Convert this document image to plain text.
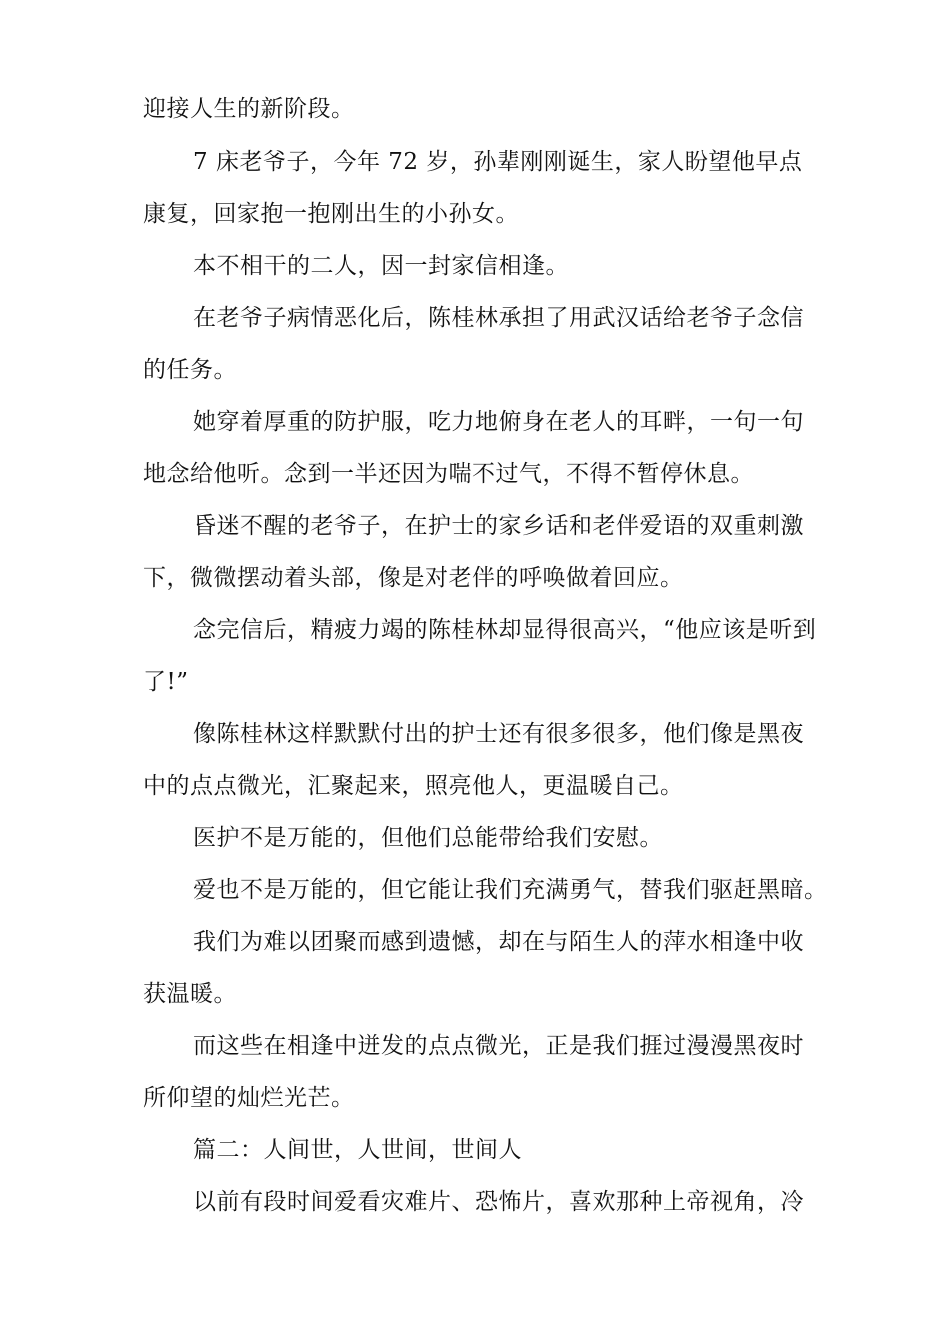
迎接人生的新阶段。
7 床老爷子，今年 72 岁，孙辈刚刚诞生，家人盼望他早点
康复，回家抱一抱刚出生的小孙女。
本不相干的二人，因一封家信相逢。
在老爷子病情恶化后，陈桂林承担了用武汉话给老爷子念信
的任务。
她穿着厚重的防护服，吃力地俯身在老人的耳畔，一句一句
地念给他听。念到一半还因为喘不过气，不得不暂停休息。
昏迷不醒的老爷子，在护士的家乡话和老伴爱语的双重刺激
下，微微摆动着头部，像是对老伴的呼唤做着回应。
念完信后，精疲力竭的陈桂林却显得很高兴，“他应该是听到
了!”
像陈桂林这样默默付出的护士还有很多很多，他们像是黑夜
中的点点微光，汇聚起来，照亮他人，更温暖自己。
医护不是万能的，但他们总能带给我们安慰。
爱也不是万能的，但它能让我们充满勇气，替我们驱赶黑暗。
我们为难以团聚而感到遗憾，却在与陌生人的萍水相逢中收
获温暖。
而这些在相逢中迸发的点点微光，正是我们捱过漫漫黑夜时
所仰望的灿烂光芒。
篇二：人间世，人世间，世间人
以前有段时间爱看灾难片、恐怖片，喜欢那种上帝视角，冷
